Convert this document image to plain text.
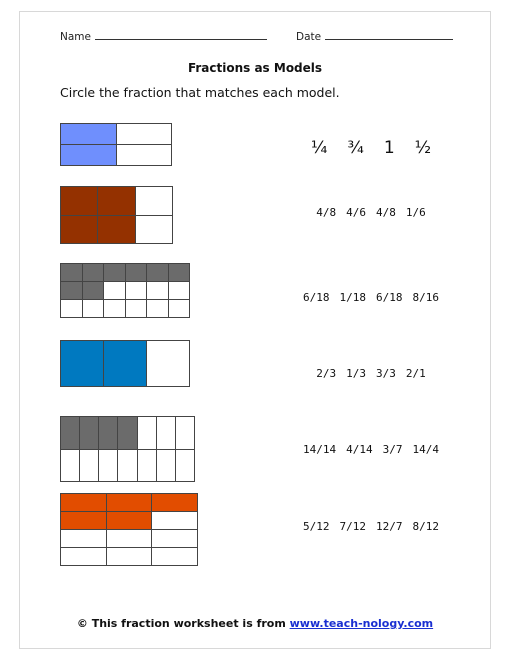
Name	Date
Fractions as Models
Circle the fraction that matches each model.
¼ ¾ 1 ½
4/8 4/6 4/8 1/6
6/18 1/18 6/18 8/16
2/3 1/3 3/3 2/1
14/14 4/14 3/7 14/4
5/12 7/12 12/7 8/12
© This fraction worksheet is from www.teach-nology.com
